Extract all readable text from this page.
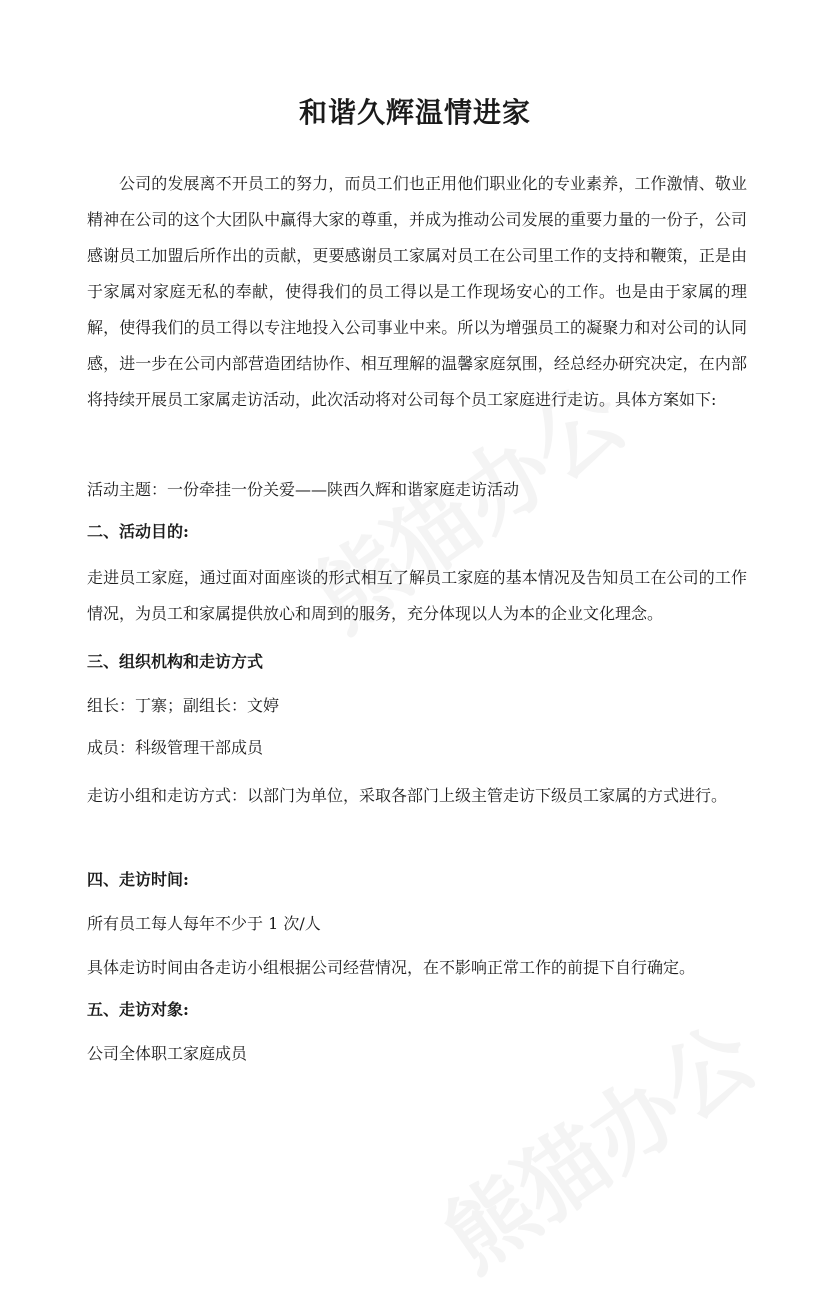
和谐久辉温情进家
公司的发展离不开员工的努力，而员工们也正用他们职业化的专业素养，工作激情、敬业精神在公司的这个大团队中赢得大家的尊重，并成为推动公司发展的重要力量的一份子，公司感谢员工加盟后所作出的贡献，更要感谢员工家属对员工在公司里工作的支持和鞭策，正是由于家属对家庭无私的奉献，使得我们的员工得以是工作现场安心的工作。也是由于家属的理解，使得我们的员工得以专注地投入公司事业中来。所以为增强员工的凝聚力和对公司的认同感，进一步在公司内部营造团结协作、相互理解的温馨家庭氛围，经总经办研究决定，在内部将持续开展员工家属走访活动，此次活动将对公司每个员工家庭进行走访。具体方案如下:
活动主题：一份牵挂一份关爱——陕西久辉和谐家庭走访活动
二、活动目的:
走进员工家庭，通过面对面座谈的形式相互了解员工家庭的基本情况及告知员工在公司的工作情况，为员工和家属提供放心和周到的服务，充分体现以人为本的企业文化理念。
三、组织机构和走访方式
组长：丁寨；副组长：文婷
成员：科级管理干部成员
走访小组和走访方式：以部门为单位，采取各部门上级主管走访下级员工家属的方式进行。
四、走访时间:
所有员工每人每年不少于 1 次/人
具体走访时间由各走访小组根据公司经营情况，在不影响正常工作的前提下自行确定。
五、走访对象:
公司全体职工家庭成员
